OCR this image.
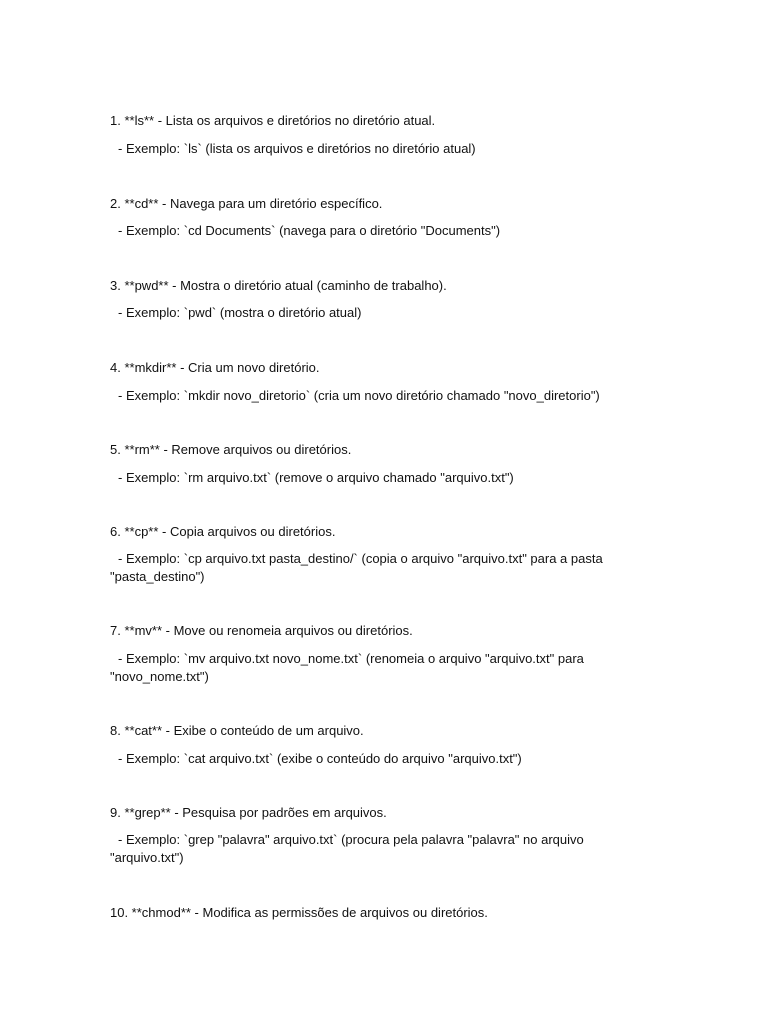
1. **ls** - Lista os arquivos e diretórios no diretório atual.
- Exemplo: `ls` (lista os arquivos e diretórios no diretório atual)
2. **cd** - Navega para um diretório específico.
- Exemplo: `cd Documents` (navega para o diretório "Documents")
3. **pwd** - Mostra o diretório atual (caminho de trabalho).
- Exemplo: `pwd` (mostra o diretório atual)
4. **mkdir** - Cria um novo diretório.
- Exemplo: `mkdir novo_diretorio` (cria um novo diretório chamado "novo_diretorio")
5. **rm** - Remove arquivos ou diretórios.
- Exemplo: `rm arquivo.txt` (remove o arquivo chamado "arquivo.txt")
6. **cp** - Copia arquivos ou diretórios.
- Exemplo: `cp arquivo.txt pasta_destino/` (copia o arquivo "arquivo.txt" para a pasta "pasta_destino")
7. **mv** - Move ou renomeia arquivos ou diretórios.
- Exemplo: `mv arquivo.txt novo_nome.txt` (renomeia o arquivo "arquivo.txt" para "novo_nome.txt")
8. **cat** - Exibe o conteúdo de um arquivo.
- Exemplo: `cat arquivo.txt` (exibe o conteúdo do arquivo "arquivo.txt")
9. **grep** - Pesquisa por padrões em arquivos.
- Exemplo: `grep "palavra" arquivo.txt` (procura pela palavra "palavra" no arquivo "arquivo.txt")
10. **chmod** - Modifica as permissões de arquivos ou diretórios.
